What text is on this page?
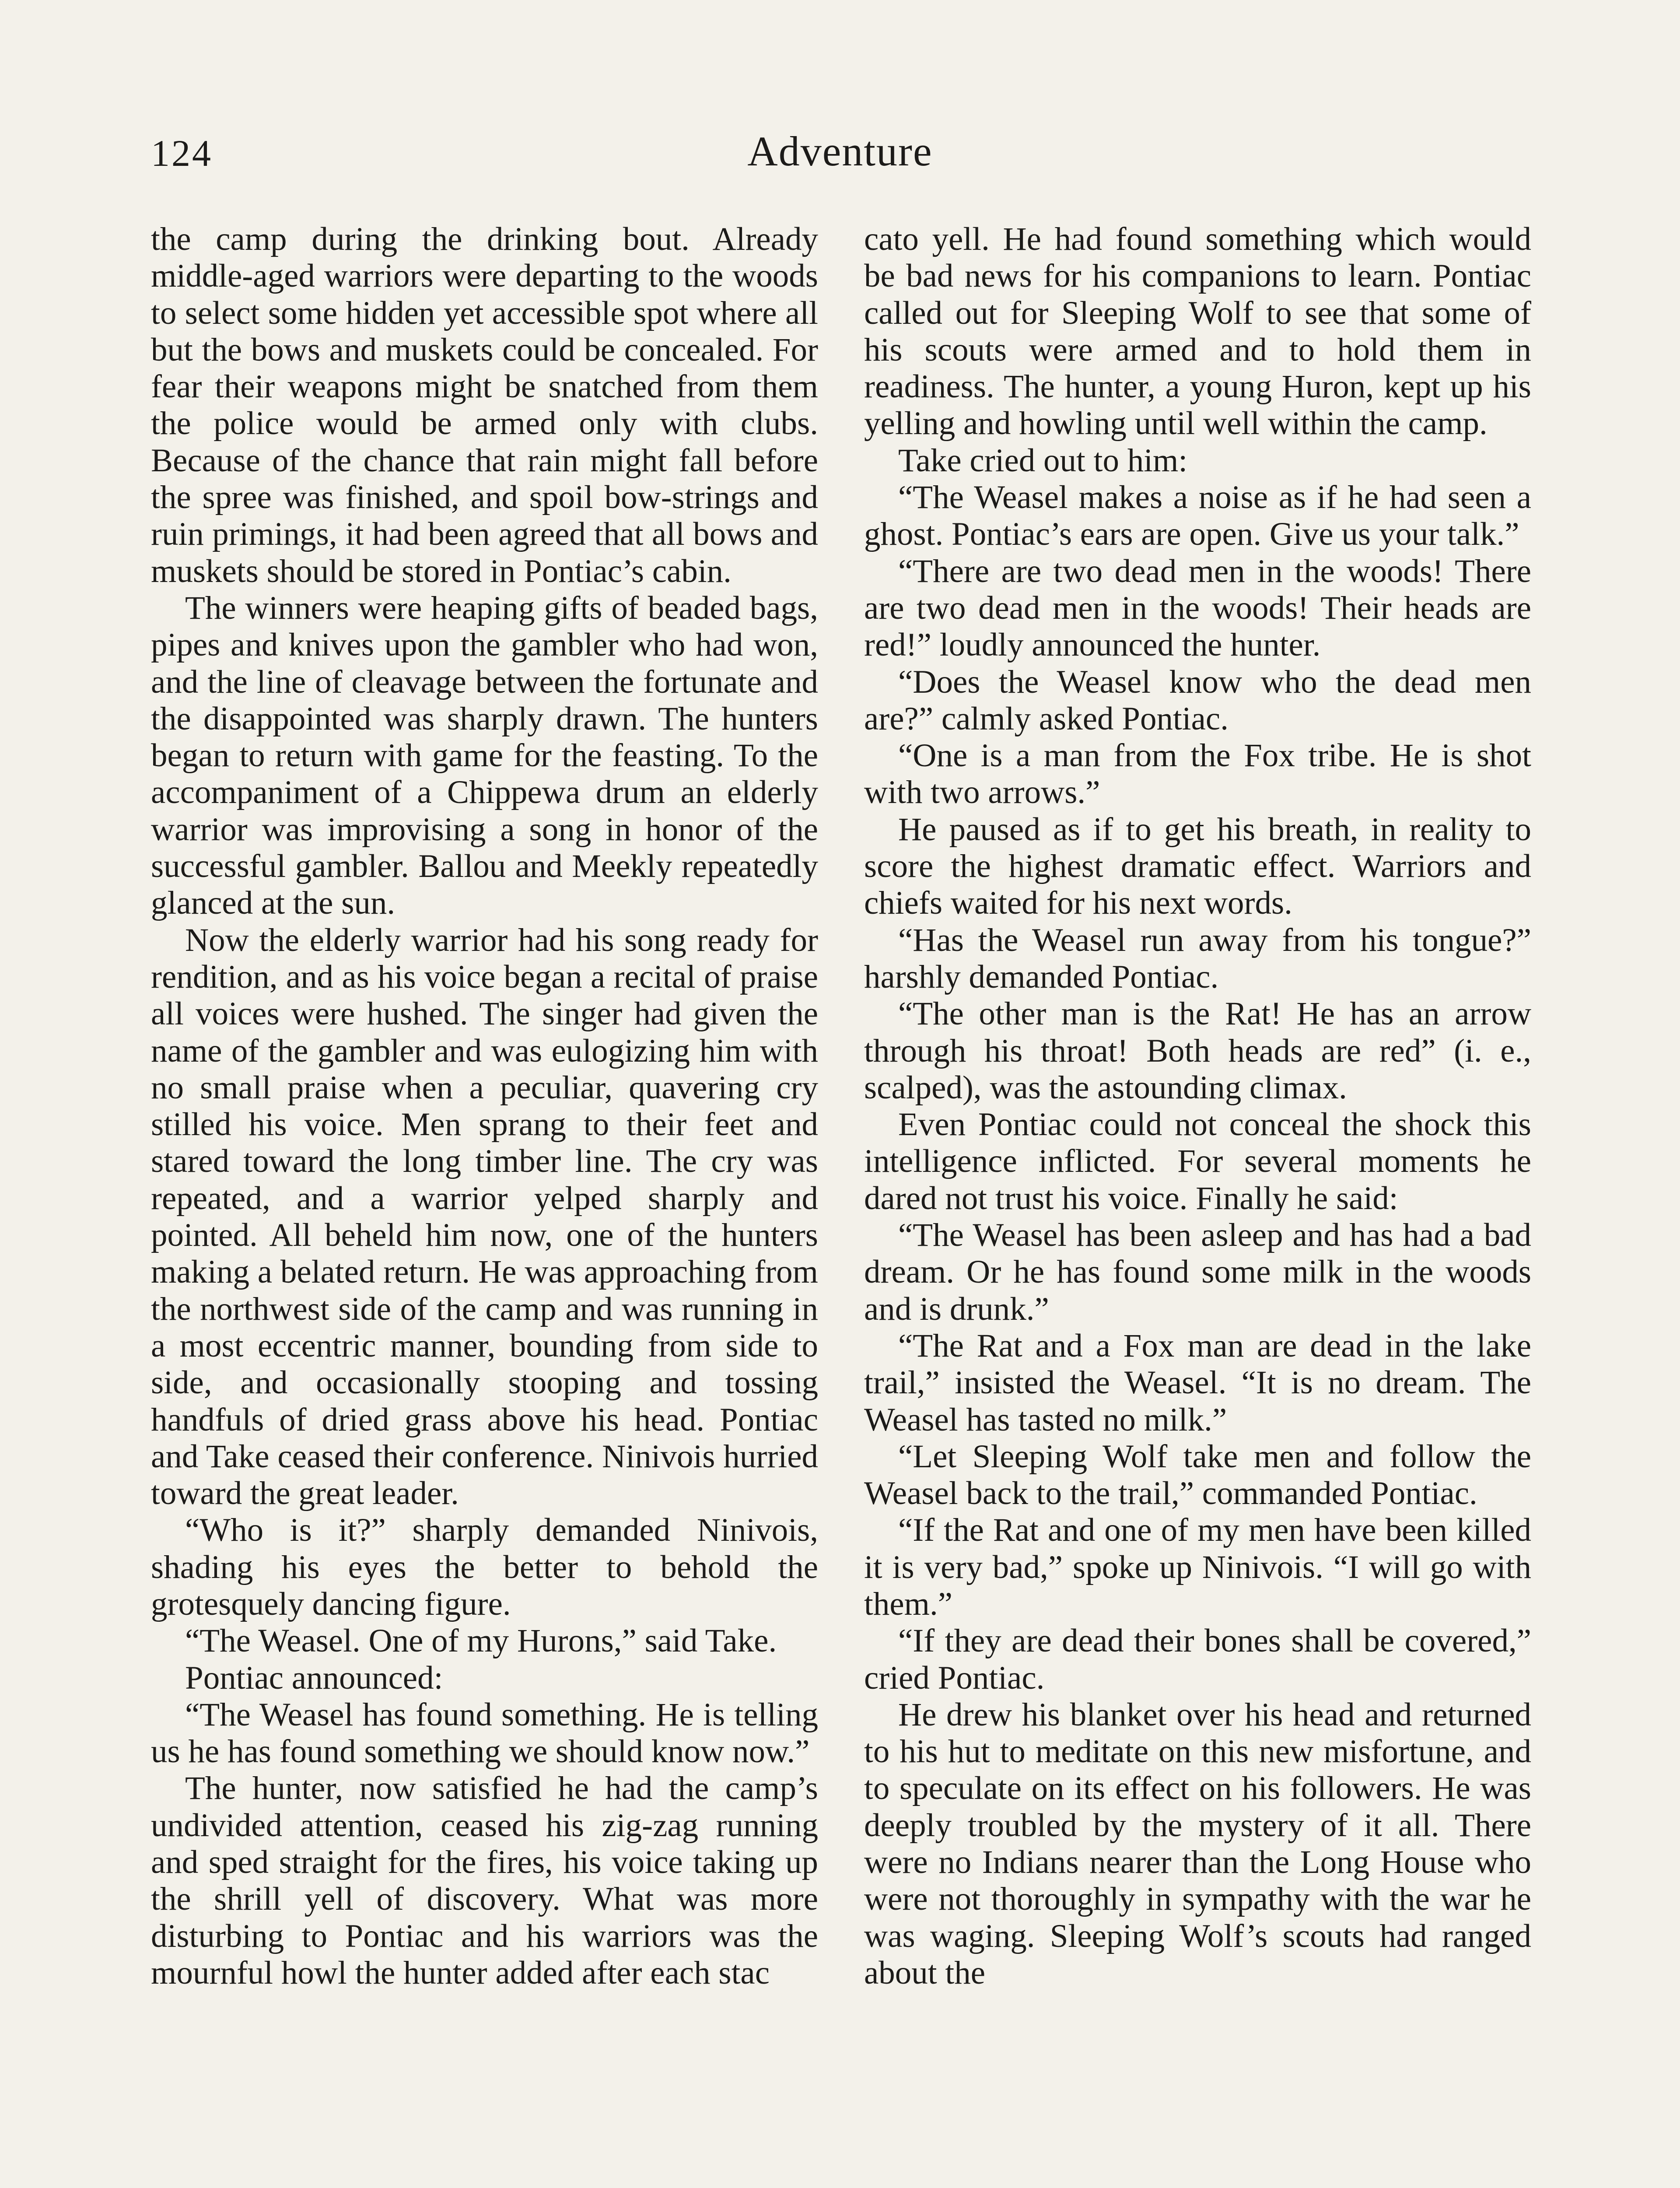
124	Adventure

the camp during the drinking bout. Already middle-aged warriors were departing to the woods to select some hidden yet accessible spot where all but the bows and muskets could be concealed. For fear their weapons might be snatched from them the police would be armed only with clubs. Because of the chance that rain might fall before the spree was finished, and spoil bow-strings and ruin primings, it had been agreed that all bows and muskets should be stored in Pontiac’s cabin.

The winners were heaping gifts of beaded bags, pipes and knives upon the gambler who had won, and the line of cleavage between the fortunate and the disappointed was sharply drawn. The hunters began to return with game for the feasting. To the accompaniment of a Chippewa drum an elderly warrior was improvising a song in honor of the successful gambler. Ballou and Meekly repeatedly glanced at the sun.

Now the elderly warrior had his song ready for rendition, and as his voice began a recital of praise all voices were hushed. The singer had given the name of the gambler and was eulogizing him with no small praise when a peculiar, quavering cry stilled his voice. Men sprang to their feet and stared toward the long timber line. The cry was repeated, and a warrior yelped sharply and pointed. All beheld him now, one of the hunters making a belated return. He was approaching from the northwest side of the camp and was running in a most eccentric manner, bounding from side to side, and occasionally stooping and tossing handfuls of dried grass above his head. Pontiac and Take ceased their conference. Ninivois hurried toward the great leader.

“Who is it?” sharply demanded Ninivois, shading his eyes the better to behold the grotesquely dancing figure.

“The Weasel. One of my Hurons,” said Take.

Pontiac announced:

“The Weasel has found something. He is telling us he has found something we should know now.”

The hunter, now satisfied he had the camp’s undivided attention, ceased his zig-zag running and sped straight for the fires, his voice taking up the shrill yell of discovery. What was more disturbing to Pontiac and his warriors was the mournful howl the hunter added after each stac

cato yell. He had found something which would be bad news for his companions to learn. Pontiac called out for Sleeping Wolf to see that some of his scouts were armed and to hold them in readiness. The hunter, a young Huron, kept up his yelling and howling until well within the camp.

Take cried out to him:

“The Weasel makes a noise as if he had seen a ghost. Pontiac’s ears are open. Give us your talk.”

“There are two dead men in the woods! There are two dead men in the woods! Their heads are red!” loudly announced the hunter.

“Does the Weasel know who the dead men are?” calmly asked Pontiac.

“One is a man from the Fox tribe. He is shot with two arrows.”

He paused as if to get his breath, in reality to score the highest dramatic effect. Warriors and chiefs waited for his next words.

“Has the Weasel run away from his tongue?” harshly demanded Pontiac.

“The other man is the Rat! He has an arrow through his throat! Both heads are red” (i. e., scalped), was the astounding climax.

Even Pontiac could not conceal the shock this intelligence inflicted. For several moments he dared not trust his voice. Finally he said:

“The Weasel has been asleep and has had a bad dream. Or he has found some milk in the woods and is drunk.”

“The Rat and a Fox man are dead in the lake trail,” insisted the Weasel. “It is no dream. The Weasel has tasted no milk.”

“Let Sleeping Wolf take men and follow the Weasel back to the trail,” commanded Pontiac.

“If the Rat and one of my men have been killed it is very bad,” spoke up Ninivois. “I will go with them.”

“If they are dead their bones shall be covered,” cried Pontiac.

He drew his blanket over his head and returned to his hut to meditate on this new misfortune, and to speculate on its effect on his followers. He was deeply troubled by the mystery of it all. There were no Indians nearer than the Long House who were not thoroughly in sympathy with the war he was waging. Sleeping Wolf’s scouts had ranged about the
